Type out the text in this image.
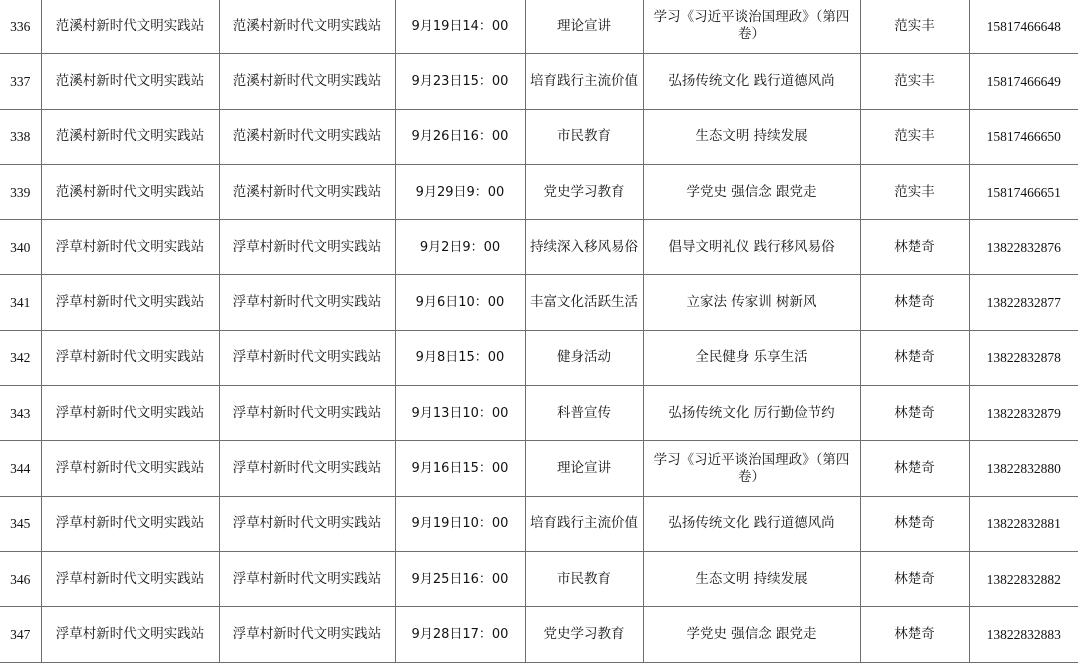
336	范溪村新时代文明实践站	范溪村新时代文明实践站	9月19日14：00	理论宣讲	学习《习近平谈治国理政》（第四卷）	范实丰	15817466648
337	范溪村新时代文明实践站	范溪村新时代文明实践站	9月23日15：00	培育践行主流价值	弘扬传统文化 践行道德风尚	范实丰	15817466649
338	范溪村新时代文明实践站	范溪村新时代文明实践站	9月26日16：00	市民教育	生态文明 持续发展	范实丰	15817466650
339	范溪村新时代文明实践站	范溪村新时代文明实践站	9月29日9：00	党史学习教育	学党史 强信念 跟党走	范实丰	15817466651
340	浮草村新时代文明实践站	浮草村新时代文明实践站	9月2日9：00	持续深入移风易俗	倡导文明礼仪 践行移风易俗	林楚奇	13822832876
341	浮草村新时代文明实践站	浮草村新时代文明实践站	9月6日10：00	丰富文化活跃生活	立家法 传家训 树新风	林楚奇	13822832877
342	浮草村新时代文明实践站	浮草村新时代文明实践站	9月8日15：00	健身活动	全民健身 乐享生活	林楚奇	13822832878
343	浮草村新时代文明实践站	浮草村新时代文明实践站	9月13日10：00	科普宣传	弘扬传统文化 厉行勤俭节约	林楚奇	13822832879
344	浮草村新时代文明实践站	浮草村新时代文明实践站	9月16日15：00	理论宣讲	学习《习近平谈治国理政》（第四卷）	林楚奇	13822832880
345	浮草村新时代文明实践站	浮草村新时代文明实践站	9月19日10：00	培育践行主流价值	弘扬传统文化 践行道德风尚	林楚奇	13822832881
346	浮草村新时代文明实践站	浮草村新时代文明实践站	9月25日16：00	市民教育	生态文明 持续发展	林楚奇	13822832882
347	浮草村新时代文明实践站	浮草村新时代文明实践站	9月28日17：00	党史学习教育	学党史 强信念 跟党走	林楚奇	13822832883
